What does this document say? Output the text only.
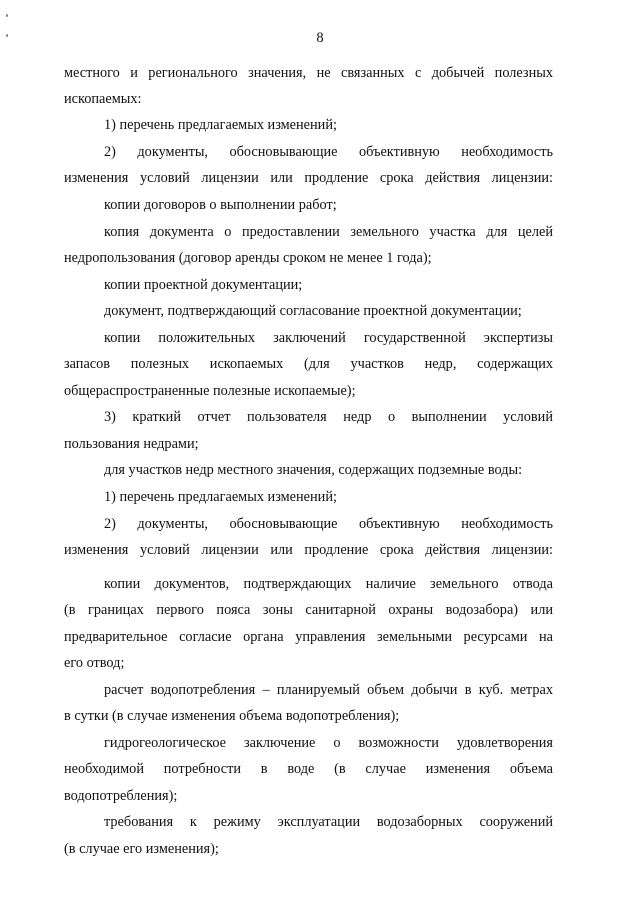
8
местного и регионального значения, не связанных с добычей полезных
ископаемых:
1) перечень предлагаемых изменений;
2) документы, обосновывающие объективную необходимость
изменения условий лицензии или продление срока действия лицензии:
копии договоров о выполнении работ;
копия документа о предоставлении земельного участка для целей
недропользования (договор аренды сроком не менее 1 года);
копии проектной документации;
документ, подтверждающий согласование проектной документации;
копии положительных заключений государственной экспертизы
запасов полезных ископаемых (для участков недр, содержащих
общераспространенные полезные ископаемые);
3) краткий отчет пользователя недр о выполнении условий
пользования недрами;
для участков недр местного значения, содержащих подземные воды:
1) перечень предлагаемых изменений;
2) документы, обосновывающие объективную необходимость
изменения условий лицензии или продление срока действия лицензии:
копии документов, подтверждающих наличие земельного отвода
(в границах первого пояса зоны санитарной охраны водозабора) или
предварительное согласие органа управления земельными ресурсами на
его отвод;
расчет водопотребления – планируемый объем добычи в куб. метрах
в сутки (в случае изменения объема водопотребления);
гидрогеологическое заключение о возможности удовлетворения
необходимой потребности в воде (в случае изменения объема
водопотребления);
требования к режиму эксплуатации водозаборных сооружений
(в случае его изменения);
